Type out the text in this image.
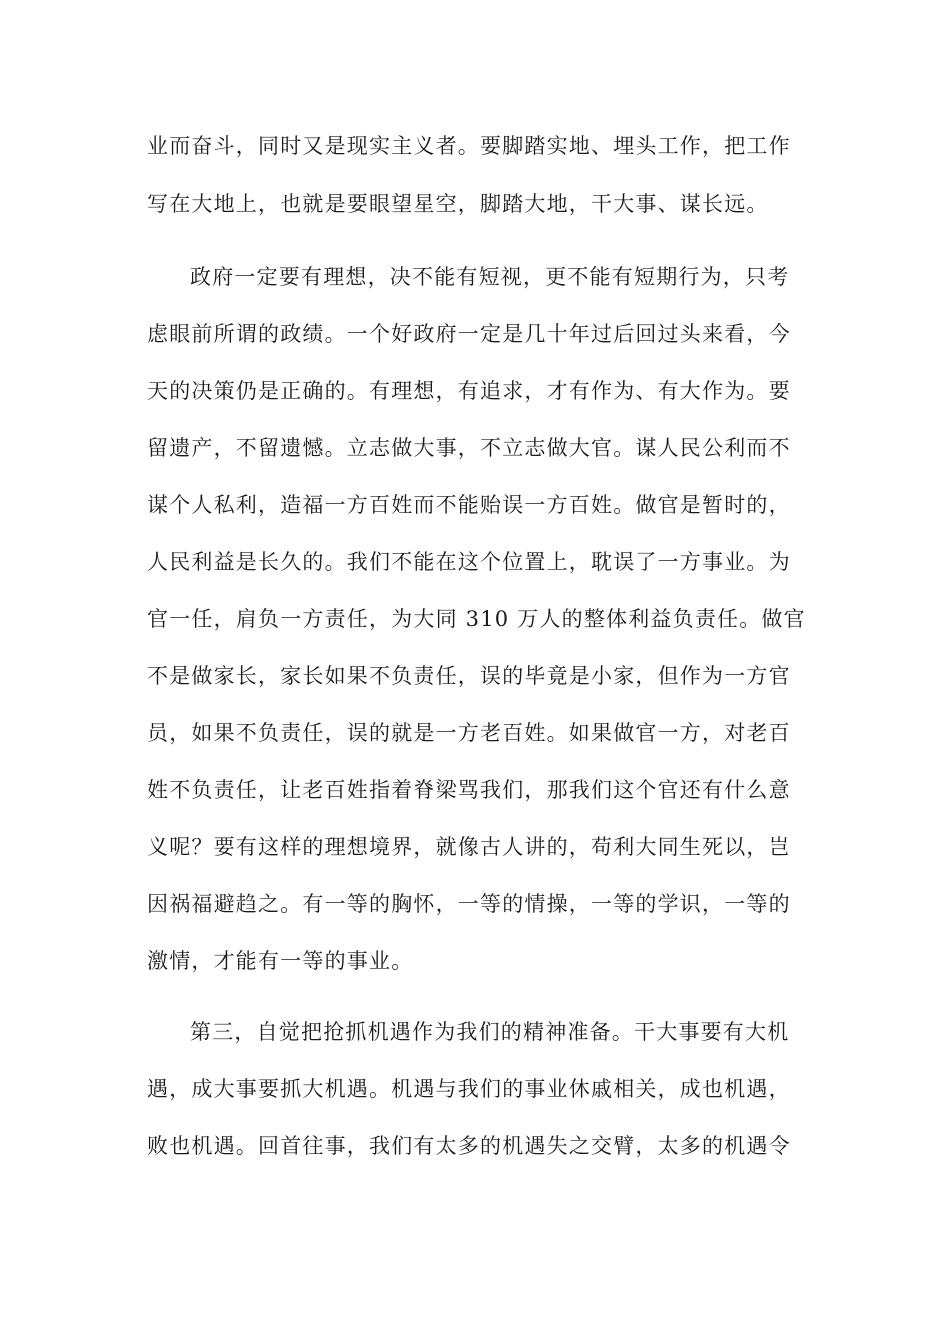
业而奋斗，同时又是现实主义者。要脚踏实地、埋头工作，把工作
写在大地上，也就是要眼望星空，脚踏大地，干大事、谋长远。
政府一定要有理想，决不能有短视，更不能有短期行为，只考
虑眼前所谓的政绩。一个好政府一定是几十年过后回过头来看，今
天的决策仍是正确的。有理想，有追求，才有作为、有大作为。要
留遗产，不留遗憾。立志做大事，不立志做大官。谋人民公利而不
谋个人私利，造福一方百姓而不能贻误一方百姓。做官是暂时的，
人民利益是长久的。我们不能在这个位置上，耽误了一方事业。为
官一任，肩负一方责任，为大同 310 万人的整体利益负责任。做官
不是做家长，家长如果不负责任，误的毕竟是小家，但作为一方官
员，如果不负责任，误的就是一方老百姓。如果做官一方，对老百
姓不负责任，让老百姓指着脊梁骂我们，那我们这个官还有什么意
义呢？要有这样的理想境界，就像古人讲的，苟利大同生死以，岂
因祸福避趋之。有一等的胸怀，一等的情操，一等的学识，一等的
激情，才能有一等的事业。
第三，自觉把抢抓机遇作为我们的精神准备。干大事要有大机
遇，成大事要抓大机遇。机遇与我们的事业休戚相关，成也机遇，
败也机遇。回首往事，我们有太多的机遇失之交臂，太多的机遇令
